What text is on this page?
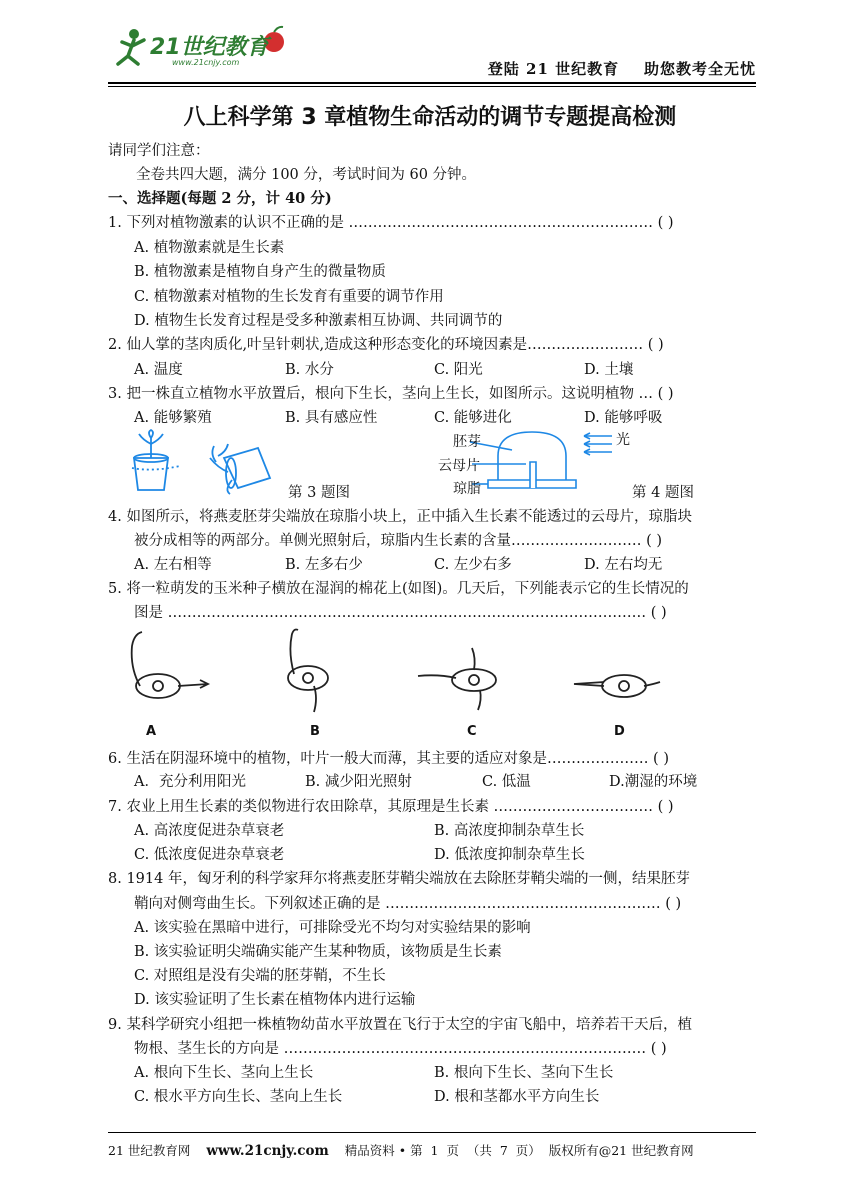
21世纪教育
www.21cnjy.com	登陆 21 世纪教育    助您教考全无忧
八上科学第 3 章植物生命活动的调节专题提高检测
请同学们注意：
全卷共四大题，满分 100 分，考试时间为 60 分钟。
一、选择题(每题 2 分，计 40 分)
1. 下列对植物激素的认识不正确的是 ……………………………………………………… ( )
A. 植物激素就是生长素
B. 植物激素是植物自身产生的微量物质
C. 植物激素对植物的生长发育有重要的调节作用
D. 植物生长发育过程是受多种激素相互协调、共同调节的
2. 仙人掌的茎肉质化,叶呈针刺状,造成这种形态变化的环境因素是…………………… ( )
A. 温度	B. 水分	C. 阳光	D. 土壤
3. 把一株直立植物水平放置后，根向下生长，茎向上生长，如图所示。这说明植物 … ( )
A. 能够繁殖	B. 具有感应性	C. 能够进化	D. 能够呼吸
第 3 题图
胚芽
云母片
琼脂
光
第 4 题图
4. 如图所示，将燕麦胚芽尖端放在琼脂小块上，正中插入生长素不能透过的云母片，琼脂块
被分成相等的两部分。单侧光照射后，琼脂内生长素的含量……………………… ( )
A. 左右相等	B. 左多右少	C. 左少右多	D. 左右均无
5. 将一粒萌发的玉米种子横放在湿润的棉花上(如图)。几天后，下列能表示它的生长情况的
图是 ……………………………………………………………………………………… ( )
A	B	C	D
6. 生活在阴湿环境中的植物，叶片一般大而薄，其主要的适应对象是………………… ( )
A．充分利用阳光	B. 减少阳光照射	C. 低温	D.潮湿的环境
7. 农业上用生长素的类似物进行农田除草，其原理是生长素 …………………………… ( )
A. 高浓度促进杂草衰老	B. 高浓度抑制杂草生长
C. 低浓度促进杂草衰老	D. 低浓度抑制杂草生长
8. 1914 年，匈牙利的科学家拜尔将燕麦胚芽鞘尖端放在去除胚芽鞘尖端的一侧，结果胚芽
鞘向对侧弯曲生长。下列叙述正确的是 ………………………………………………… ( )
A. 该实验在黑暗中进行，可排除受光不均匀对实验结果的影响
B. 该实验证明尖端确实能产生某种物质，该物质是生长素
C. 对照组是没有尖端的胚芽鞘，不生长
D. 该实验证明了生长素在植物体内进行运输
9. 某科学研究小组把一株植物幼苗水平放置在飞行于太空的宇宙飞船中，培养若干天后，植
物根、茎生长的方向是 ………………………………………………………………… ( )
A. 根向下生长、茎向上生长	B. 根向下生长、茎向下生长
C. 根水平方向生长、茎向上生长	D. 根和茎都水平方向生长
21 世纪教育网 www.21cnjy.com 精品资料 • 第  1  页  （共  7  页）  版权所有@21 世纪教育网
